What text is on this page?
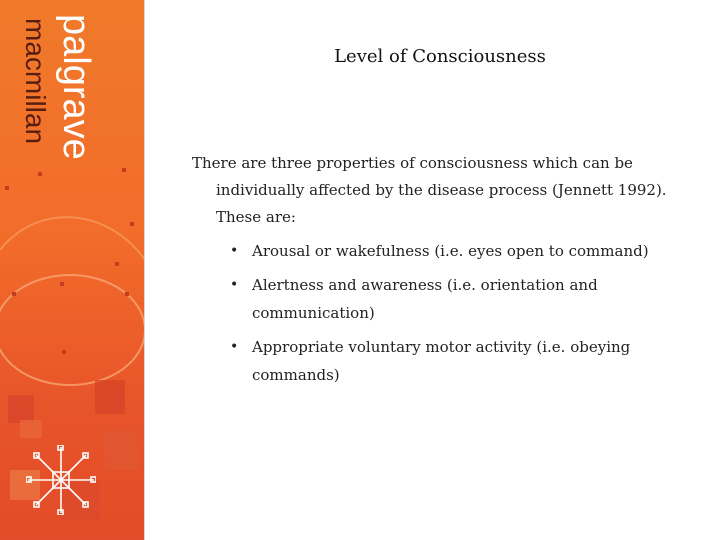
palgrave
macmillan	Level of Consciousness

There are three properties of consciousness which can be individually affected by the disease process (Jennett 1992). These are:

• Arousal or wakefulness (i.e. eyes open to command)
• Alertness and awareness (i.e. orientation and communication)
• Appropriate voluntary motor activity (i.e. obeying commands)
